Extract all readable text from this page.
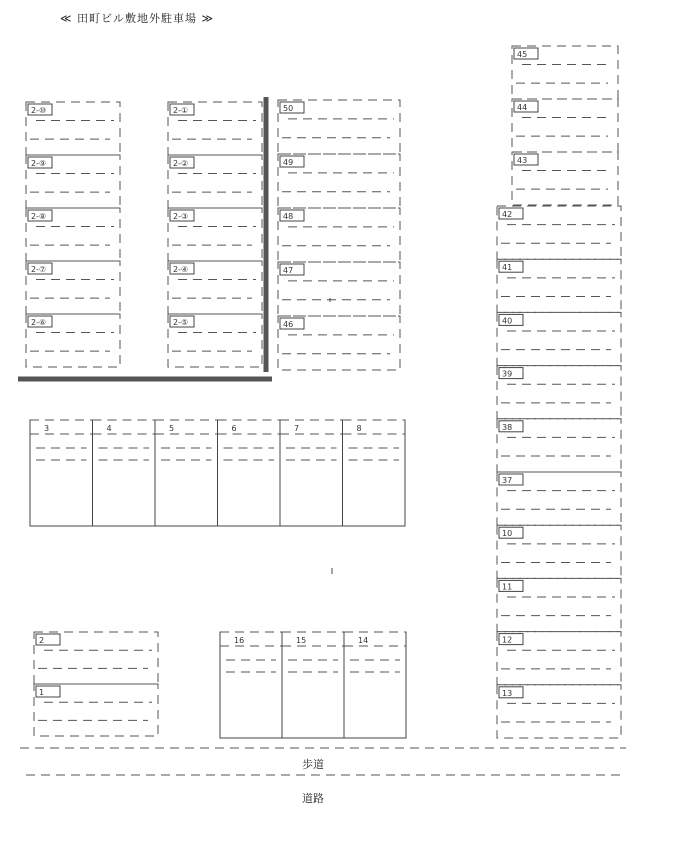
≪ 田町ビル敷地外駐車場 ≫
2-⑩
2-⑨
2-⑧
2-⑦
2-⑥
2-①
2-②
2-③
2-④
2-⑤
50
49
48
47
46
3	4	5	6	7	8
2
1
16	15	14
45
44
43
42
41
40
39
38
37
10
11
12
13
歩道
道路
